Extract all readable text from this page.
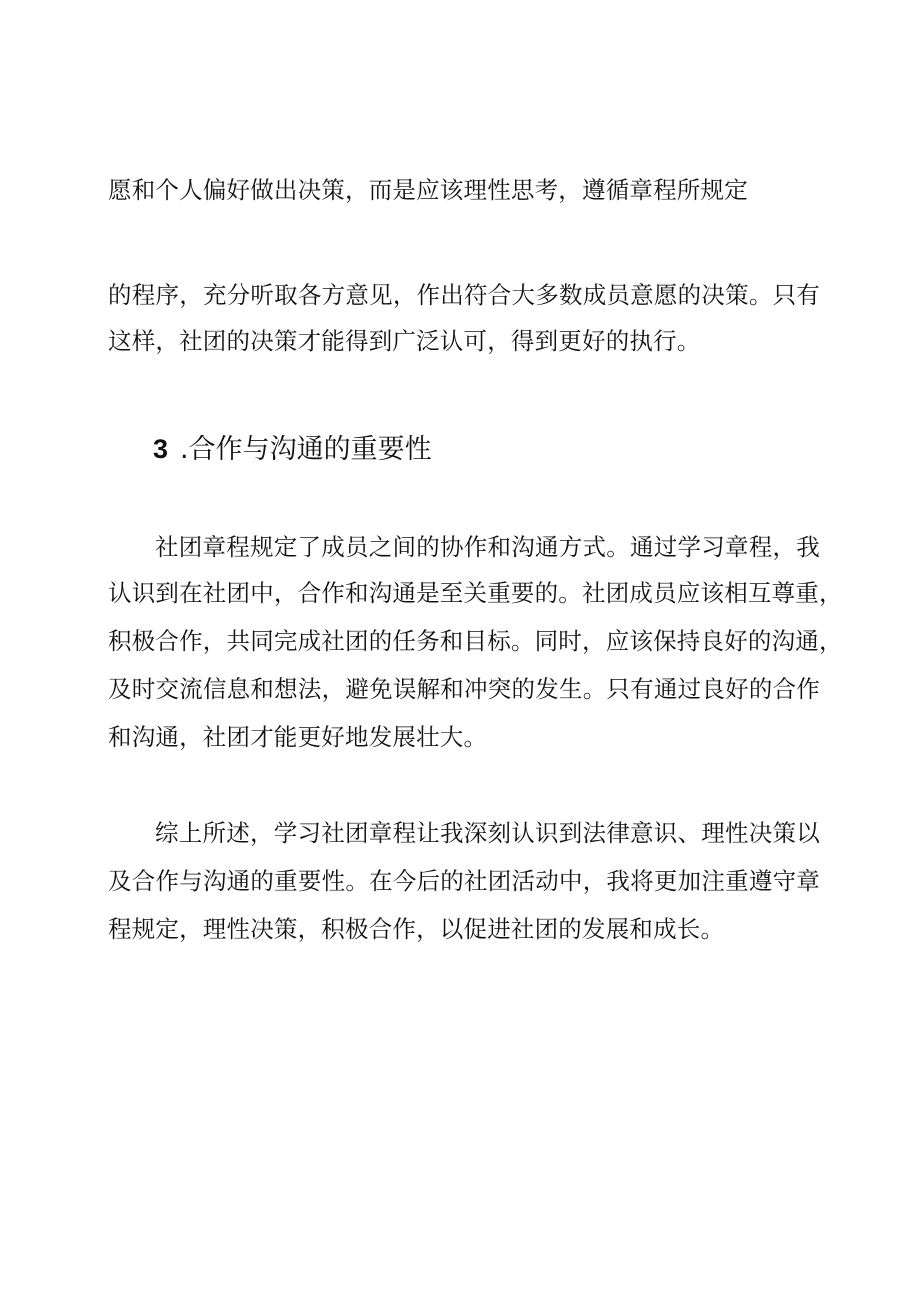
愿和个人偏好做出决策，而是应该理性思考，遵循章程所规定
的程序，充分听取各方意见，作出符合大多数成员意愿的决策。只有
这样，社团的决策才能得到广泛认可，得到更好的执行。
3 .合作与沟通的重要性
社团章程规定了成员之间的协作和沟通方式。通过学习章程，我
认识到在社团中，合作和沟通是至关重要的。社团成员应该相互尊重，
积极合作，共同完成社团的任务和目标。同时，应该保持良好的沟通，
及时交流信息和想法，避免误解和冲突的发生。只有通过良好的合作
和沟通，社团才能更好地发展壮大。
综上所述，学习社团章程让我深刻认识到法律意识、理性决策以
及合作与沟通的重要性。在今后的社团活动中，我将更加注重遵守章
程规定，理性决策，积极合作，以促进社团的发展和成长。
